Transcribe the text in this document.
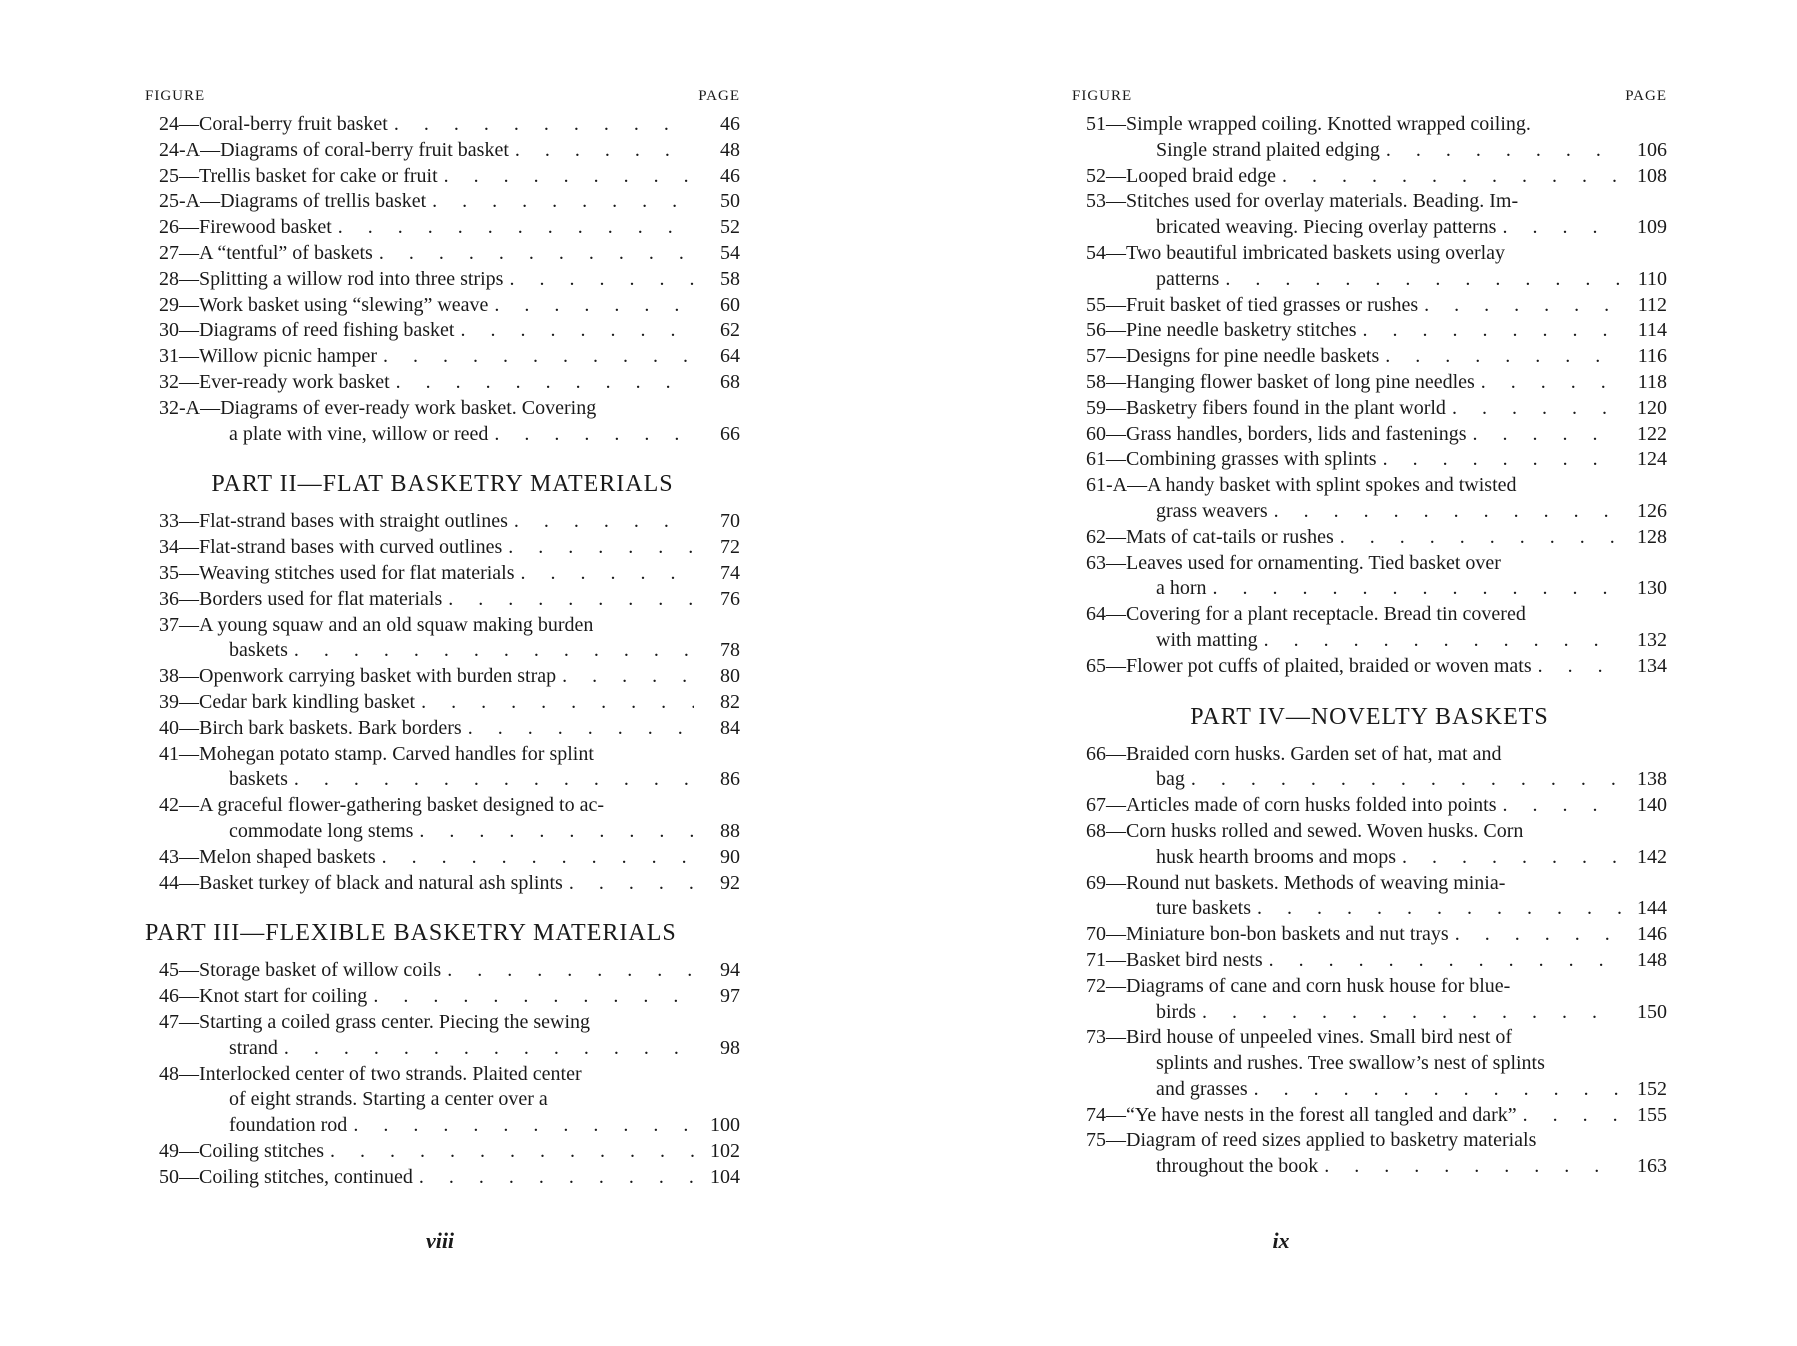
FIGURE	PAGE
24—Coral-berry fruit basket . . .	46
24-A—Diagrams of coral-berry fruit basket . . .	48
25—Trellis basket for cake or fruit . . .	46
25-A—Diagrams of trellis basket . . .	50
26—Firewood basket . . .	52
27—A “tentful” of baskets . . .	54
28—Splitting a willow rod into three strips . . .	58
29—Work basket using “slewing” weave . . .	60
30—Diagrams of reed fishing basket . . .	62
31—Willow picnic hamper . . .	64
32—Ever-ready work basket . . .	68
32-A—Diagrams of ever-ready work basket. Covering
a plate with vine, willow or reed . . .	66
PART II—FLAT BASKETRY MATERIALS
33—Flat-strand bases with straight outlines . . .	70
34—Flat-strand bases with curved outlines . . .	72
35—Weaving stitches used for flat materials . . .	74
36—Borders used for flat materials . . .	76
37—A young squaw and an old squaw making burden
baskets . . .	78
38—Openwork carrying basket with burden strap . . .	80
39—Cedar bark kindling basket . . .	82
40—Birch bark baskets. Bark borders . . .	84
41—Mohegan potato stamp. Carved handles for splint
baskets . . .	86
42—A graceful flower-gathering basket designed to ac-
commodate long stems . . .	88
43—Melon shaped baskets . . .	90
44—Basket turkey of black and natural ash splints . . .	92
PART III—FLEXIBLE BASKETRY MATERIALS
45—Storage basket of willow coils . . .	94
46—Knot start for coiling . . .	97
47—Starting a coiled grass center. Piecing the sewing
strand . . .	98
48—Interlocked center of two strands. Plaited center
of eight strands. Starting a center over a
foundation rod . . .	100
49—Coiling stitches . . .	102
50—Coiling stitches, continued . . .	104
viii
FIGURE	PAGE
51—Simple wrapped coiling. Knotted wrapped coiling.
Single strand plaited edging . . .	106
52—Looped braid edge . . .	108
53—Stitches used for overlay materials. Beading. Im-
bricated weaving. Piecing overlay patterns . . .	109
54—Two beautiful imbricated baskets using overlay
patterns . . .	110
55—Fruit basket of tied grasses or rushes . . .	112
56—Pine needle basketry stitches . . .	114
57—Designs for pine needle baskets . . .	116
58—Hanging flower basket of long pine needles . . .	118
59—Basketry fibers found in the plant world . . .	120
60—Grass handles, borders, lids and fastenings . . .	122
61—Combining grasses with splints . . .	124
61-A—A handy basket with splint spokes and twisted
grass weavers . . .	126
62—Mats of cat-tails or rushes . . .	128
63—Leaves used for ornamenting. Tied basket over
a horn . . .	130
64—Covering for a plant receptacle. Bread tin covered
with matting . . .	132
65—Flower pot cuffs of plaited, braided or woven mats . . .	134
PART IV—NOVELTY BASKETS
66—Braided corn husks. Garden set of hat, mat and
bag . . .	138
67—Articles made of corn husks folded into points . . .	140
68—Corn husks rolled and sewed. Woven husks. Corn
husk hearth brooms and mops . . .	142
69—Round nut baskets. Methods of weaving minia-
ture baskets . . .	144
70—Miniature bon-bon baskets and nut trays . . .	146
71—Basket bird nests . . .	148
72—Diagrams of cane and corn husk house for blue-
birds . . .	150
73—Bird house of unpeeled vines. Small bird nest of
splints and rushes. Tree swallow’s nest of splints
and grasses . . .	152
74—“Ye have nests in the forest all tangled and dark” . . .	155
75—Diagram of reed sizes applied to basketry materials
throughout the book . . .	163
ix
